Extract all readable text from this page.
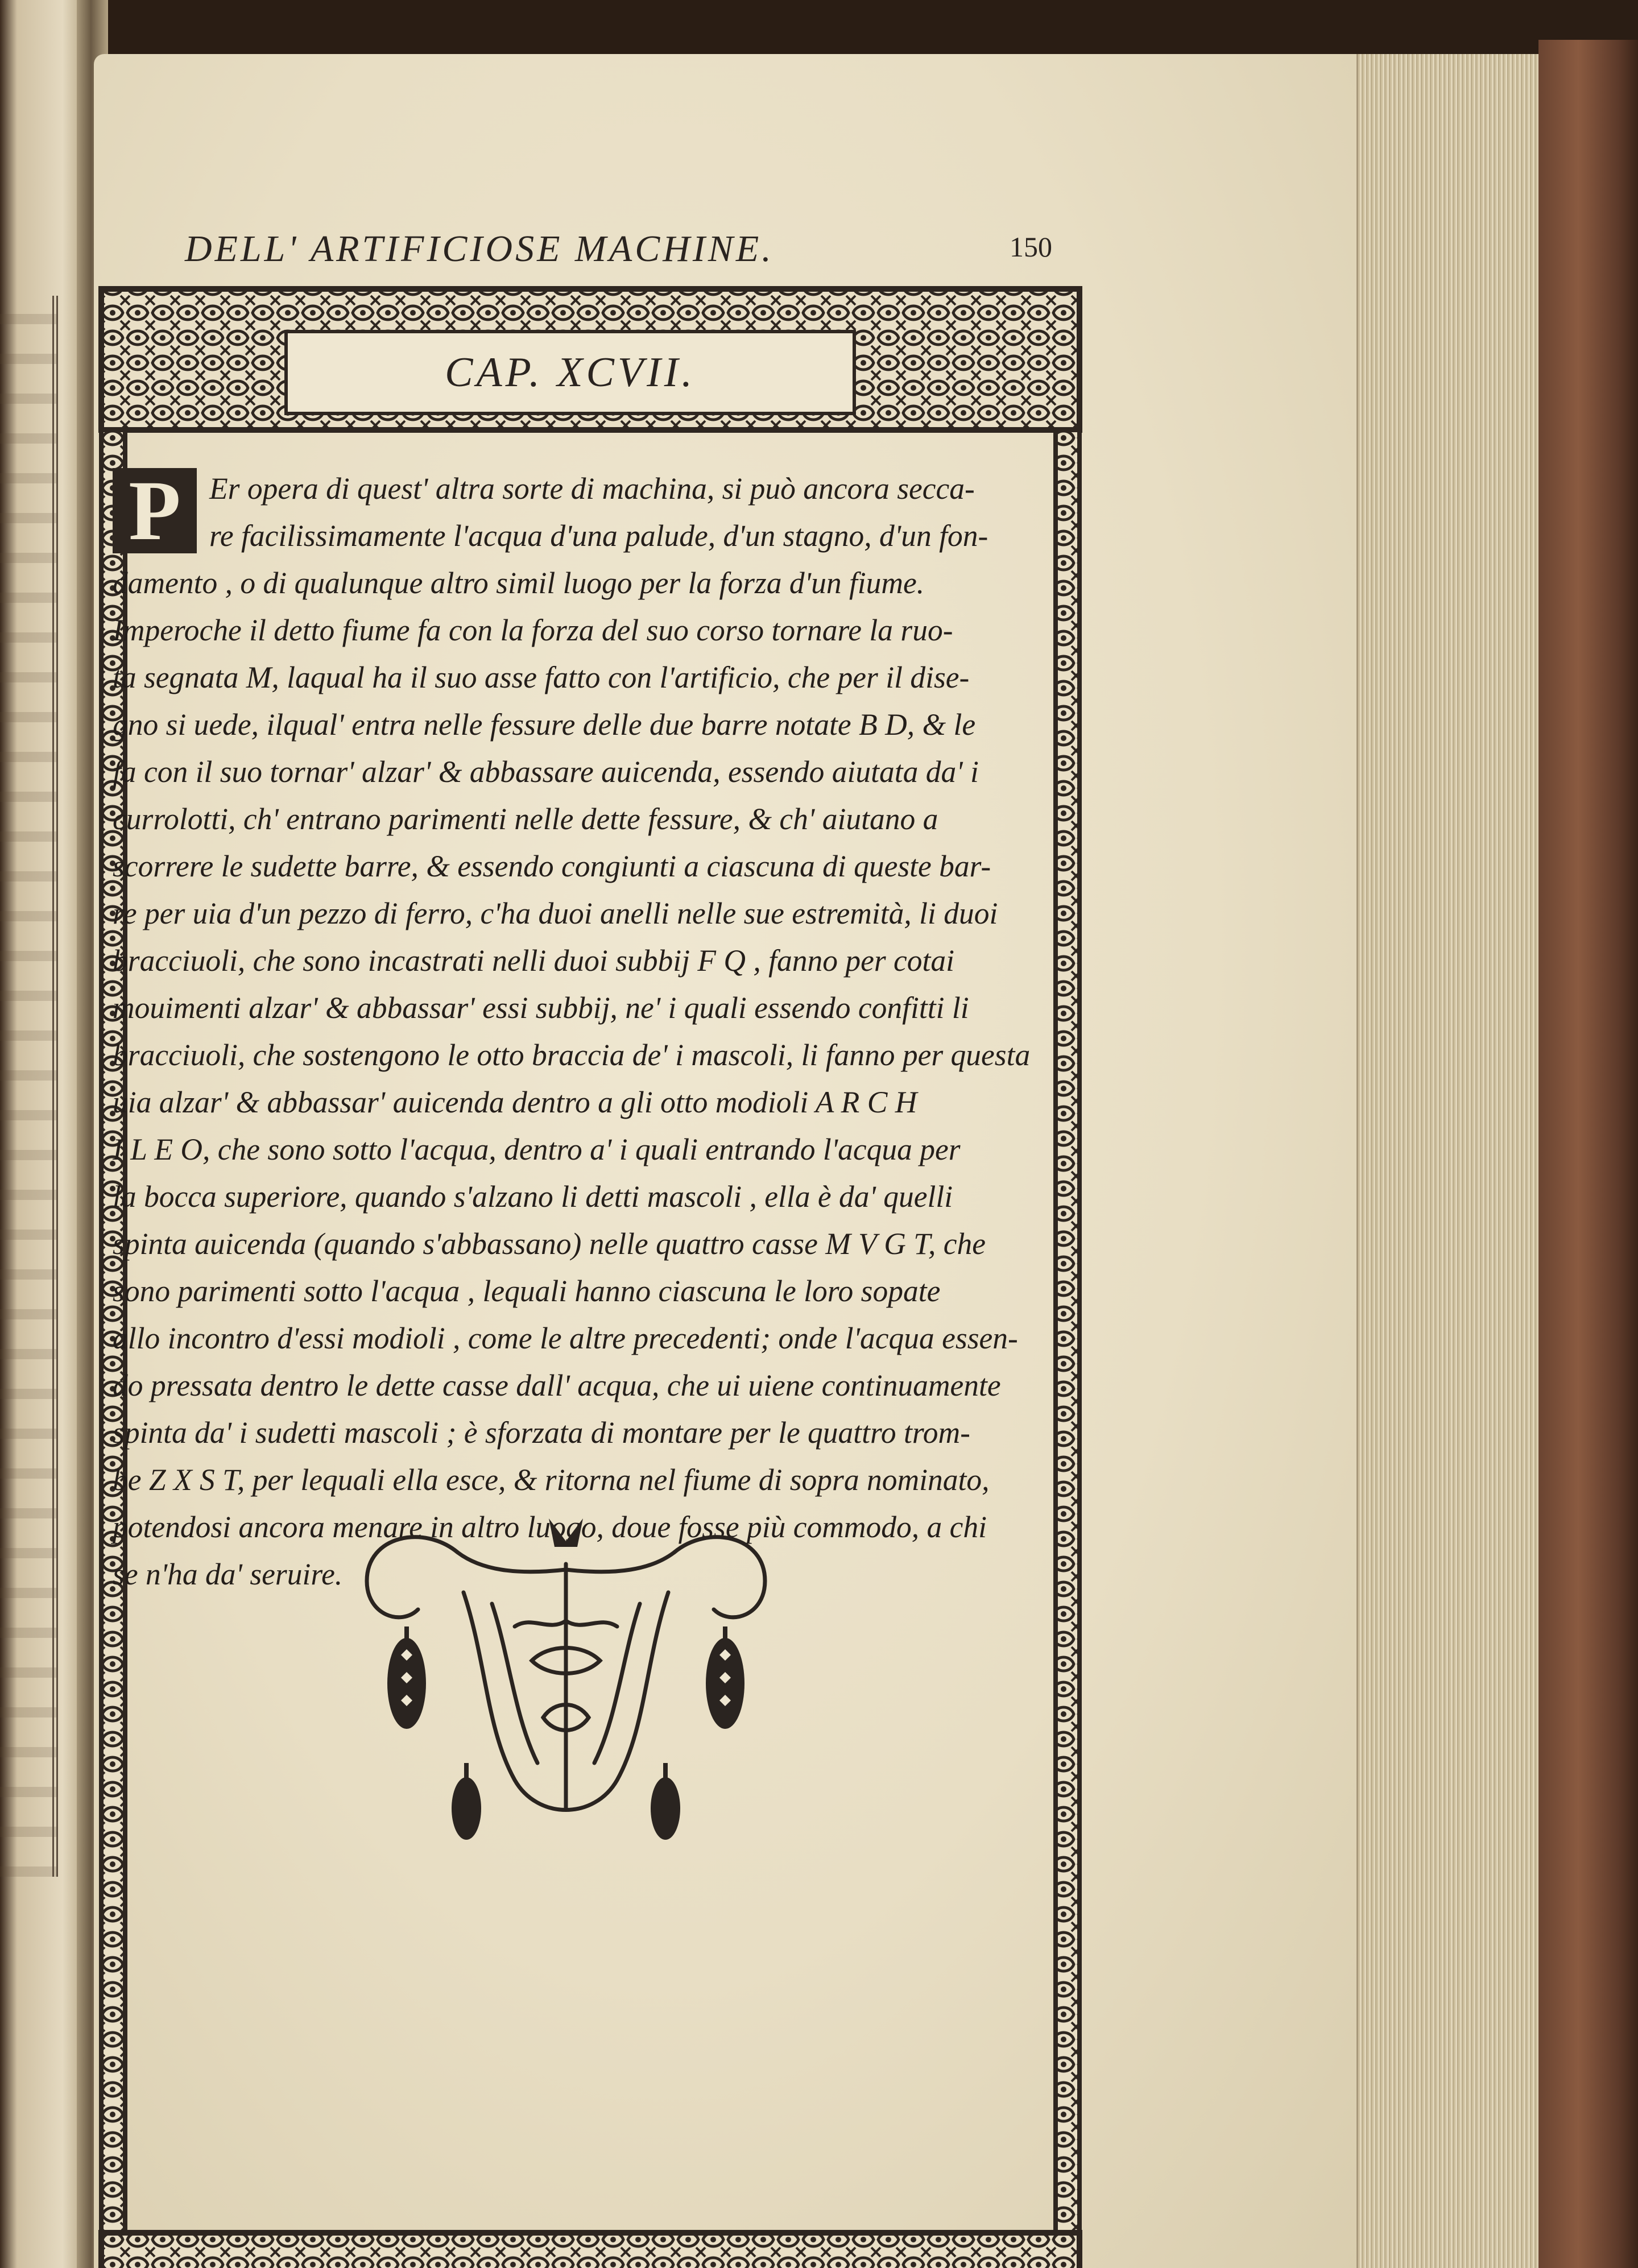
DELL' ARTIFICIOSE MACHINE.	150
CAP. XCVII.
P Er opera di quest' altra sorte di machina, si può ancora secca-
re facilissimamente l'acqua d'una palude, d'un stagno, d'un fon-
damento , o di qualunque altro simil luogo per la forza d'un fiume.
Imperoche il detto fiume fa con la forza del suo corso tornare la ruo-
ta segnata M, laqual ha il suo asse fatto con l'artificio, che per il dise-
gno si uede, ilqual' entra nelle fessure delle due barre notate B D, & le
fa con il suo tornar' alzar' & abbassare auicenda, essendo aiutata da' i
currolotti, ch' entrano parimenti nelle dette fessure, & ch' aiutano a
scorrere le sudette barre, & essendo congiunti a ciascuna di queste bar-
re per uia d'un pezzo di ferro, c'ha duoi anelli nelle sue estremità, li duoi
bracciuoli, che sono incastrati nelli duoi subbij F Q , fanno per cotai
mouimenti alzar' & abbassar' essi subbij, ne' i quali essendo confitti li
bracciuoli, che sostengono le otto braccia de' i mascoli, li fanno per questa
uia alzar' & abbassar' auicenda dentro a gli otto modioli A R C H
I L E O, che sono sotto l'acqua, dentro a' i quali entrando l'acqua per
la bocca superiore, quando s'alzano li detti mascoli , ella è da' quelli
spinta auicenda (quando s'abbassano) nelle quattro casse M V G T, che
sono parimenti sotto l'acqua , lequali hanno ciascuna le loro sopate
allo incontro d'essi modioli , come le altre precedenti; onde l'acqua essen-
do pressata dentro le dette casse dall' acqua, che ui uiene continuamente
spinta da' i sudetti mascoli ; è sforzata di montare per le quattro trom-
be Z X S T, per lequali ella esce, & ritorna nel fiume di sopra nominato,
potendosi ancora menare in altro luogo, doue fosse più commodo, a chi
se n'ha da' seruire.
